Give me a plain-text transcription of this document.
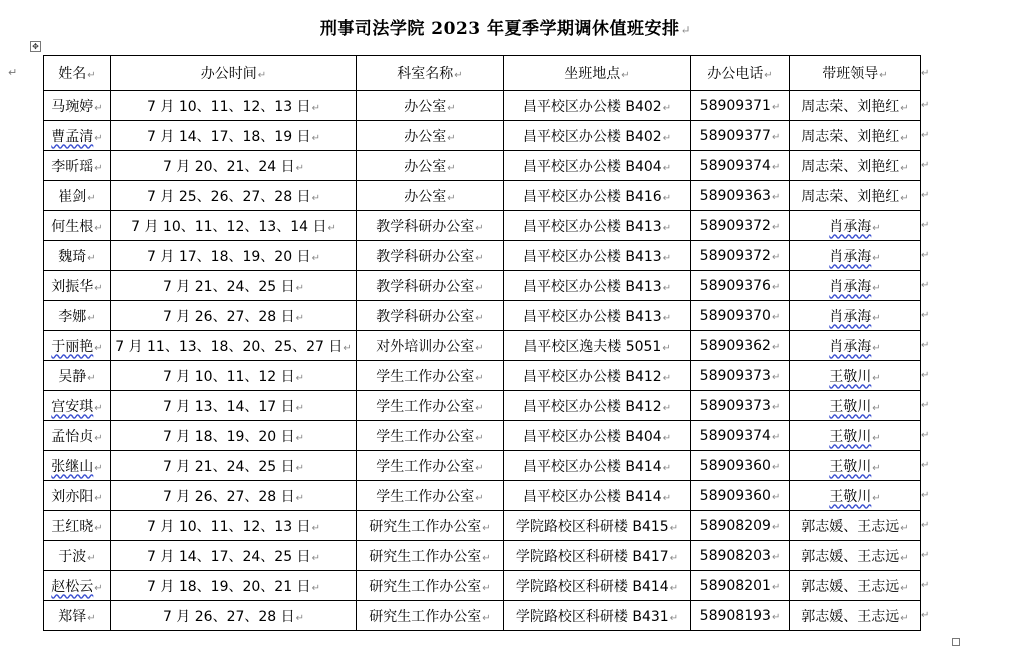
刑事司法学院 2023 年夏季学期调休值班安排↵
✥
↵	姓名 ↵	办公时间 ↵	科室名称 ↵	坐班地点 ↵	办公电话 ↵	带班领导 ↵	↵
马琬婷 ↵	7 月 10、11、12、13 日 ↵	办公室 ↵	昌平校区办公楼 B402 ↵	58909371 ↵	周志荣、刘艳红 ↵	↵
曹孟清 ↵	7 月 14、17、18、19 日 ↵	办公室 ↵	昌平校区办公楼 B402 ↵	58909377 ↵	周志荣、刘艳红 ↵	↵
李昕瑶 ↵	7 月 20、21、24 日 ↵	办公室 ↵	昌平校区办公楼 B404 ↵	58909374 ↵	周志荣、刘艳红 ↵	↵
崔剑 ↵	7 月 25、26、27、28 日 ↵	办公室 ↵	昌平校区办公楼 B416 ↵	58909363 ↵	周志荣、刘艳红 ↵	↵
何生根 ↵	7 月 10、11、12、13、14 日 ↵	教学科研办公室 ↵	昌平校区办公楼 B413 ↵	58909372 ↵	肖承海 ↵	↵
魏琦 ↵	7 月 17、18、19、20 日 ↵	教学科研办公室 ↵	昌平校区办公楼 B413 ↵	58909372 ↵	肖承海 ↵	↵
刘振华 ↵	7 月 21、24、25 日 ↵	教学科研办公室 ↵	昌平校区办公楼 B413 ↵	58909376 ↵	肖承海 ↵	↵
李娜 ↵	7 月 26、27、28 日 ↵	教学科研办公室 ↵	昌平校区办公楼 B413 ↵	58909370 ↵	肖承海 ↵	↵
于丽艳 ↵	7 月 11、13、18、20、25、27 日 ↵	对外培训办公室 ↵	昌平校区逸夫楼 5051 ↵	58909362 ↵	肖承海 ↵	↵
吴静 ↵	7 月 10、11、12 日 ↵	学生工作办公室 ↵	昌平校区办公楼 B412 ↵	58909373 ↵	王敬川 ↵	↵
宫安琪 ↵	7 月 13、14、17 日 ↵	学生工作办公室 ↵	昌平校区办公楼 B412 ↵	58909373 ↵	王敬川 ↵	↵
孟怡贞 ↵	7 月 18、19、20 日 ↵	学生工作办公室 ↵	昌平校区办公楼 B404 ↵	58909374 ↵	王敬川 ↵	↵
张继山 ↵	7 月 21、24、25 日 ↵	学生工作办公室 ↵	昌平校区办公楼 B414 ↵	58909360 ↵	王敬川 ↵	↵
刘亦阳 ↵	7 月 26、27、28 日 ↵	学生工作办公室 ↵	昌平校区办公楼 B414 ↵	58909360 ↵	王敬川 ↵	↵
王红晓 ↵	7 月 10、11、12、13 日 ↵	研究生工作办公室 ↵	学院路校区科研楼 B415 ↵	58908209 ↵	郭志媛、王志远 ↵	↵
于波 ↵	7 月 14、17、24、25 日 ↵	研究生工作办公室 ↵	学院路校区科研楼 B417 ↵	58908203 ↵	郭志媛、王志远 ↵	↵
赵松云 ↵	7 月 18、19、20、21 日 ↵	研究生工作办公室 ↵	学院路校区科研楼 B414 ↵	58908201 ↵	郭志媛、王志远 ↵	↵
郑铎 ↵	7 月 26、27、28 日 ↵	研究生工作办公室 ↵	学院路校区科研楼 B431 ↵	58908193 ↵	郭志媛、王志远 ↵	↵
